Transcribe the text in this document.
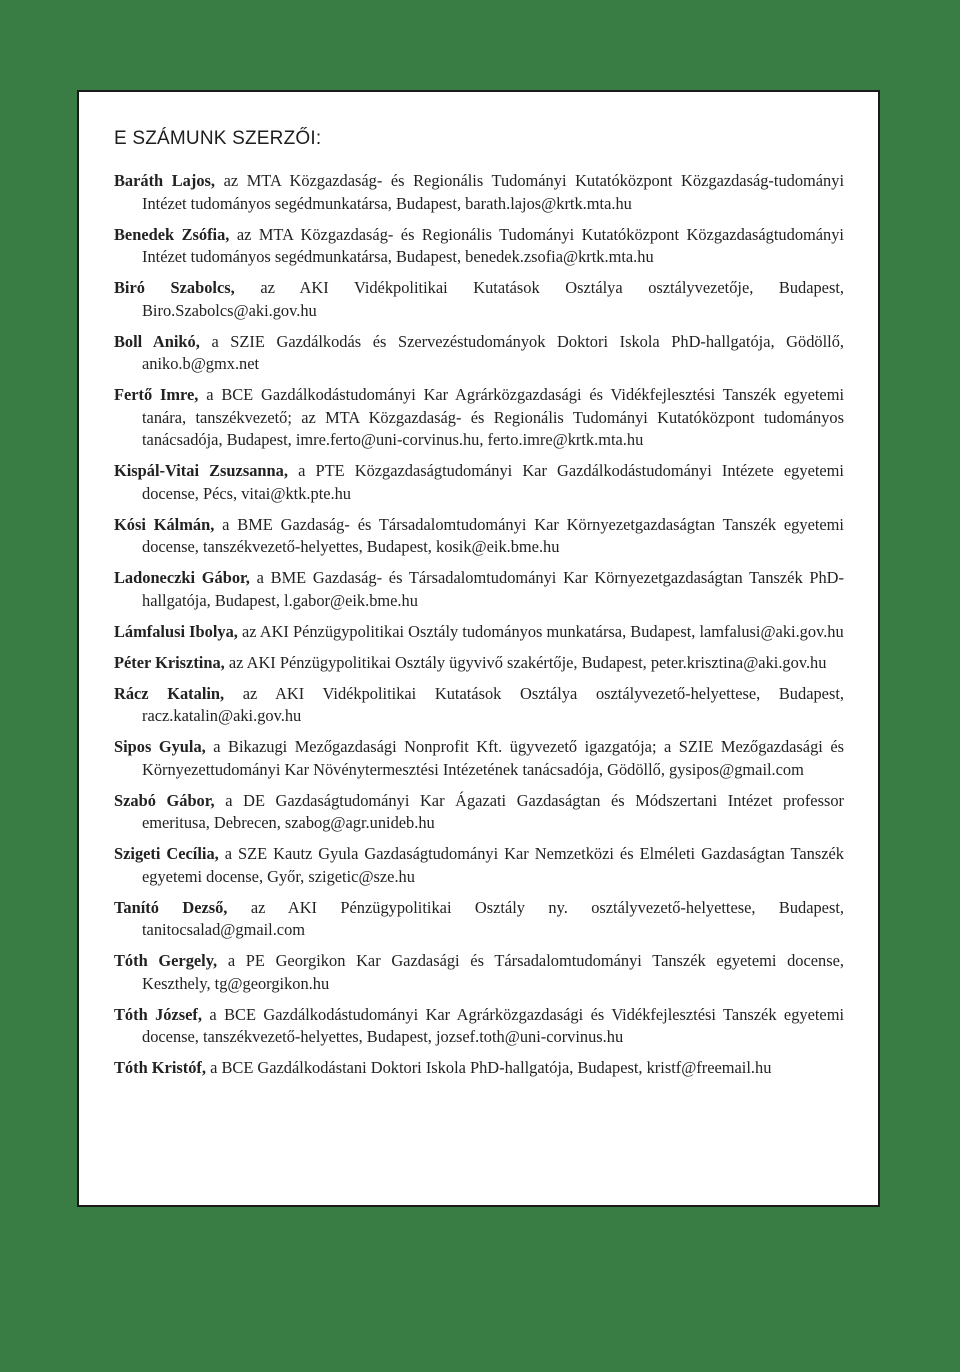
E SZÁMUNK SZERZŐI:

Baráth Lajos, az MTA Közgazdaság- és Regionális Tudományi Kutatóközpont Közgazdaság-tudományi Intézet tudományos segédmunkatársa, Budapest, barath.lajos@krtk.mta.hu

Benedek Zsófia, az MTA Közgazdaság- és Regionális Tudományi Kutatóközpont Közgazdaságtudományi Intézet tudományos segédmunkatársa, Budapest, benedek.zsofia@krtk.mta.hu

Biró Szabolcs, az AKI Vidékpolitikai Kutatások Osztálya osztályvezetője, Budapest, Biro.Szabolcs@aki.gov.hu

Boll Anikó, a SZIE Gazdálkodás és Szervezéstudományok Doktori Iskola PhD-hallgatója, Gödöllő, aniko.b@gmx.net

Fertő Imre, a BCE Gazdálkodástudományi Kar Agrárközgazdasági és Vidékfejlesztési Tanszék egyetemi tanára, tanszékvezető; az MTA Közgazdaság- és Regionális Tudományi Kutatóközpont tudományos tanácsadója, Budapest, imre.ferto@uni-corvinus.hu, ferto.imre@krtk.mta.hu

Kispál-Vitai Zsuzsanna, a PTE Közgazdaságtudományi Kar Gazdálkodástudományi Intézete egyetemi docense, Pécs, vitai@ktk.pte.hu

Kósi Kálmán, a BME Gazdaság- és Társadalomtudományi Kar Környezetgazdaságtan Tanszék egyetemi docense, tanszékvezető-helyettes, Budapest, kosik@eik.bme.hu

Ladoneczki Gábor, a BME Gazdaság- és Társadalomtudományi Kar Környezetgazdaságtan Tanszék PhD-hallgatója, Budapest, l.gabor@eik.bme.hu

Lámfalusi Ibolya, az AKI Pénzügypolitikai Osztály tudományos munkatársa, Budapest, lamfalusi@aki.gov.hu

Péter Krisztina, az AKI Pénzügypolitikai Osztály ügyvivő szakértője, Budapest, peter.krisztina@aki.gov.hu

Rácz Katalin, az AKI Vidékpolitikai Kutatások Osztálya osztályvezető-helyettese, Budapest, racz.katalin@aki.gov.hu

Sipos Gyula, a Bikazugi Mezőgazdasági Nonprofit Kft. ügyvezető igazgatója; a SZIE Mezőgazdasági és Környezettudományi Kar Növénytermesztési Intézetének tanácsadója, Gödöllő, gysipos@gmail.com

Szabó Gábor, a DE Gazdaságtudományi Kar Ágazati Gazdaságtan és Módszertani Intézet professor emeritusa, Debrecen, szabog@agr.unideb.hu

Szigeti Cecília, a SZE Kautz Gyula Gazdaságtudományi Kar Nemzetközi és Elméleti Gazdaságtan Tanszék egyetemi docense, Győr, szigetic@sze.hu

Tanító Dezső, az AKI Pénzügypolitikai Osztály ny. osztályvezető-helyettese, Budapest, tanitocsalad@gmail.com

Tóth Gergely, a PE Georgikon Kar Gazdasági és Társadalomtudományi Tanszék egyetemi docense, Keszthely, tg@georgikon.hu

Tóth József, a BCE Gazdálkodástudományi Kar Agrárközgazdasági és Vidékfejlesztési Tanszék egyetemi docense, tanszékvezető-helyettes, Budapest, jozsef.toth@uni-corvinus.hu

Tóth Kristóf, a BCE Gazdálkodástani Doktori Iskola PhD-hallgatója, Budapest, kristf@freemail.hu
